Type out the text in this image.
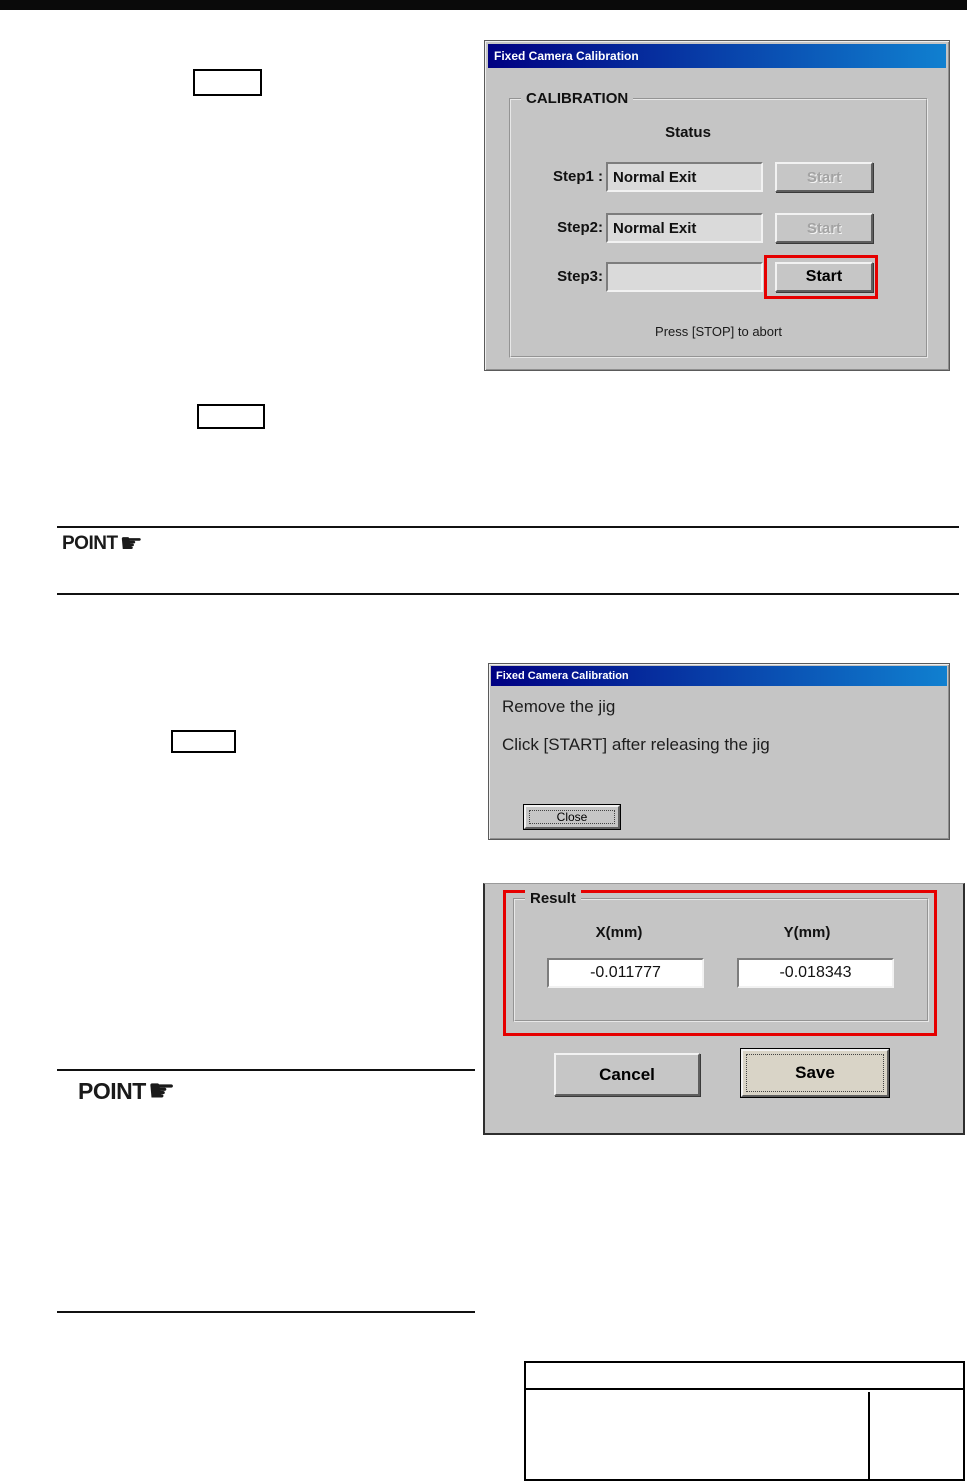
Fixed Camera Calibration
CALIBRATION
Status
Step1 : Normal Exit	Start
Step2: Normal Exit	Start
Step3:	Start
Press [STOP] to abort
POINT ☛
Fixed Camera Calibration
Remove the jig
Click [START] after releasing the jig
Close
Result
X(mm)	Y(mm)
-0.011777	-0.018343
Cancel	Save
POINT ☛
